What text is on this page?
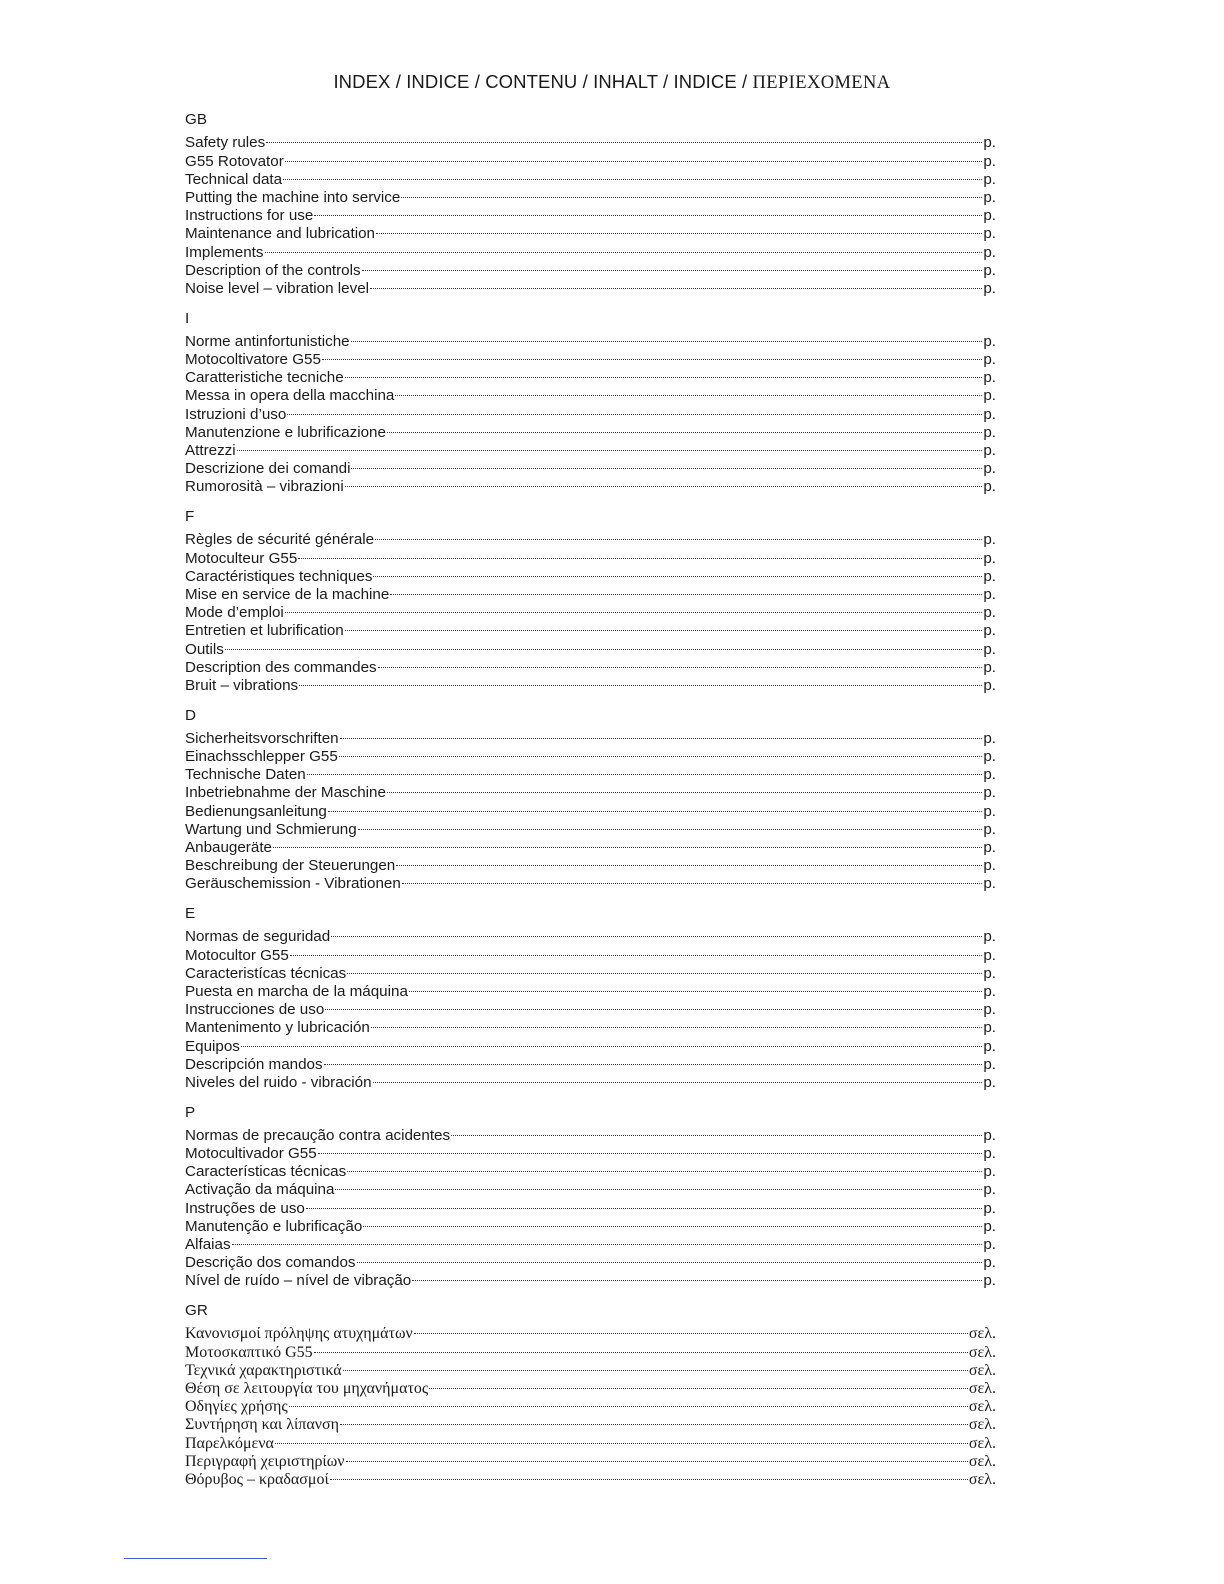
INDEX / INDICE / CONTENU / INHALT / INDICE / ΠΕΡΙΕΧΟΜΕΝΑ
GB
Safety rules	p.
G55 Rotovator	p.
Technical data	p.
Putting the machine into service	p.
Instructions for use	p.
Maintenance and lubrication	p.
Implements	p.
Description of the controls	p.
Noise level – vibration level	p.
I
Norme antinfortunistiche	p.
Motocoltivatore G55	p.
Caratteristiche tecniche	p.
Messa in opera della macchina	p.
Istruzioni d’uso	p.
Manutenzione e lubrificazione	p.
Attrezzi	p.
Descrizione dei comandi	p.
Rumorosità – vibrazioni	p.
F
Règles de sécurité générale	p.
Motoculteur G55	p.
Caractéristiques techniques	p.
Mise en service de la machine	p.
Mode d’emploi	p.
Entretien et lubrification	p.
Outils	p.
Description des commandes	p.
Bruit – vibrations	p.
D
Sicherheitsvorschriften	p.
Einachsschlepper G55	p.
Technische Daten	p.
Inbetriebnahme der Maschine	p.
Bedienungsanleitung	p.
Wartung und Schmierung	p.
Anbaugeräte	p.
Beschreibung der Steuerungen	p.
Geräuschemission - Vibrationen	p.
E
Normas de seguridad	p.
Motocultor G55	p.
Caracteristícas técnicas	p.
Puesta en marcha de la máquina	p.
Instrucciones de uso	p.
Mantenimento y lubricación	p.
Equipos	p.
Descripción mandos	p.
Niveles del ruido - vibración	p.
P
Normas de precaução contra acidentes	p.
Motocultivador G55	p.
Características técnicas	p.
Activação da máquina	p.
Instruções de uso	p.
Manutenção e lubrificação	p.
Alfaias	p.
Descrição dos comandos	p.
Nível de ruído – nível de vibração	p.
GR
Κανονισμοί πρόληψης ατυχημάτων	σελ.
Μοτοσκαπτικό G55	σελ.
Τεχνικά χαρακτηριστικά	σελ.
Θέση σε λειτουργία του μηχανήματος	σελ.
Οδηγίες χρήσης	σελ.
Συντήρηση και λίπανση	σελ.
Παρελκόμενα	σελ.
Περιγραφή χειριστηρίων	σελ.
Θόρυβος – κραδασμοί	σελ.
